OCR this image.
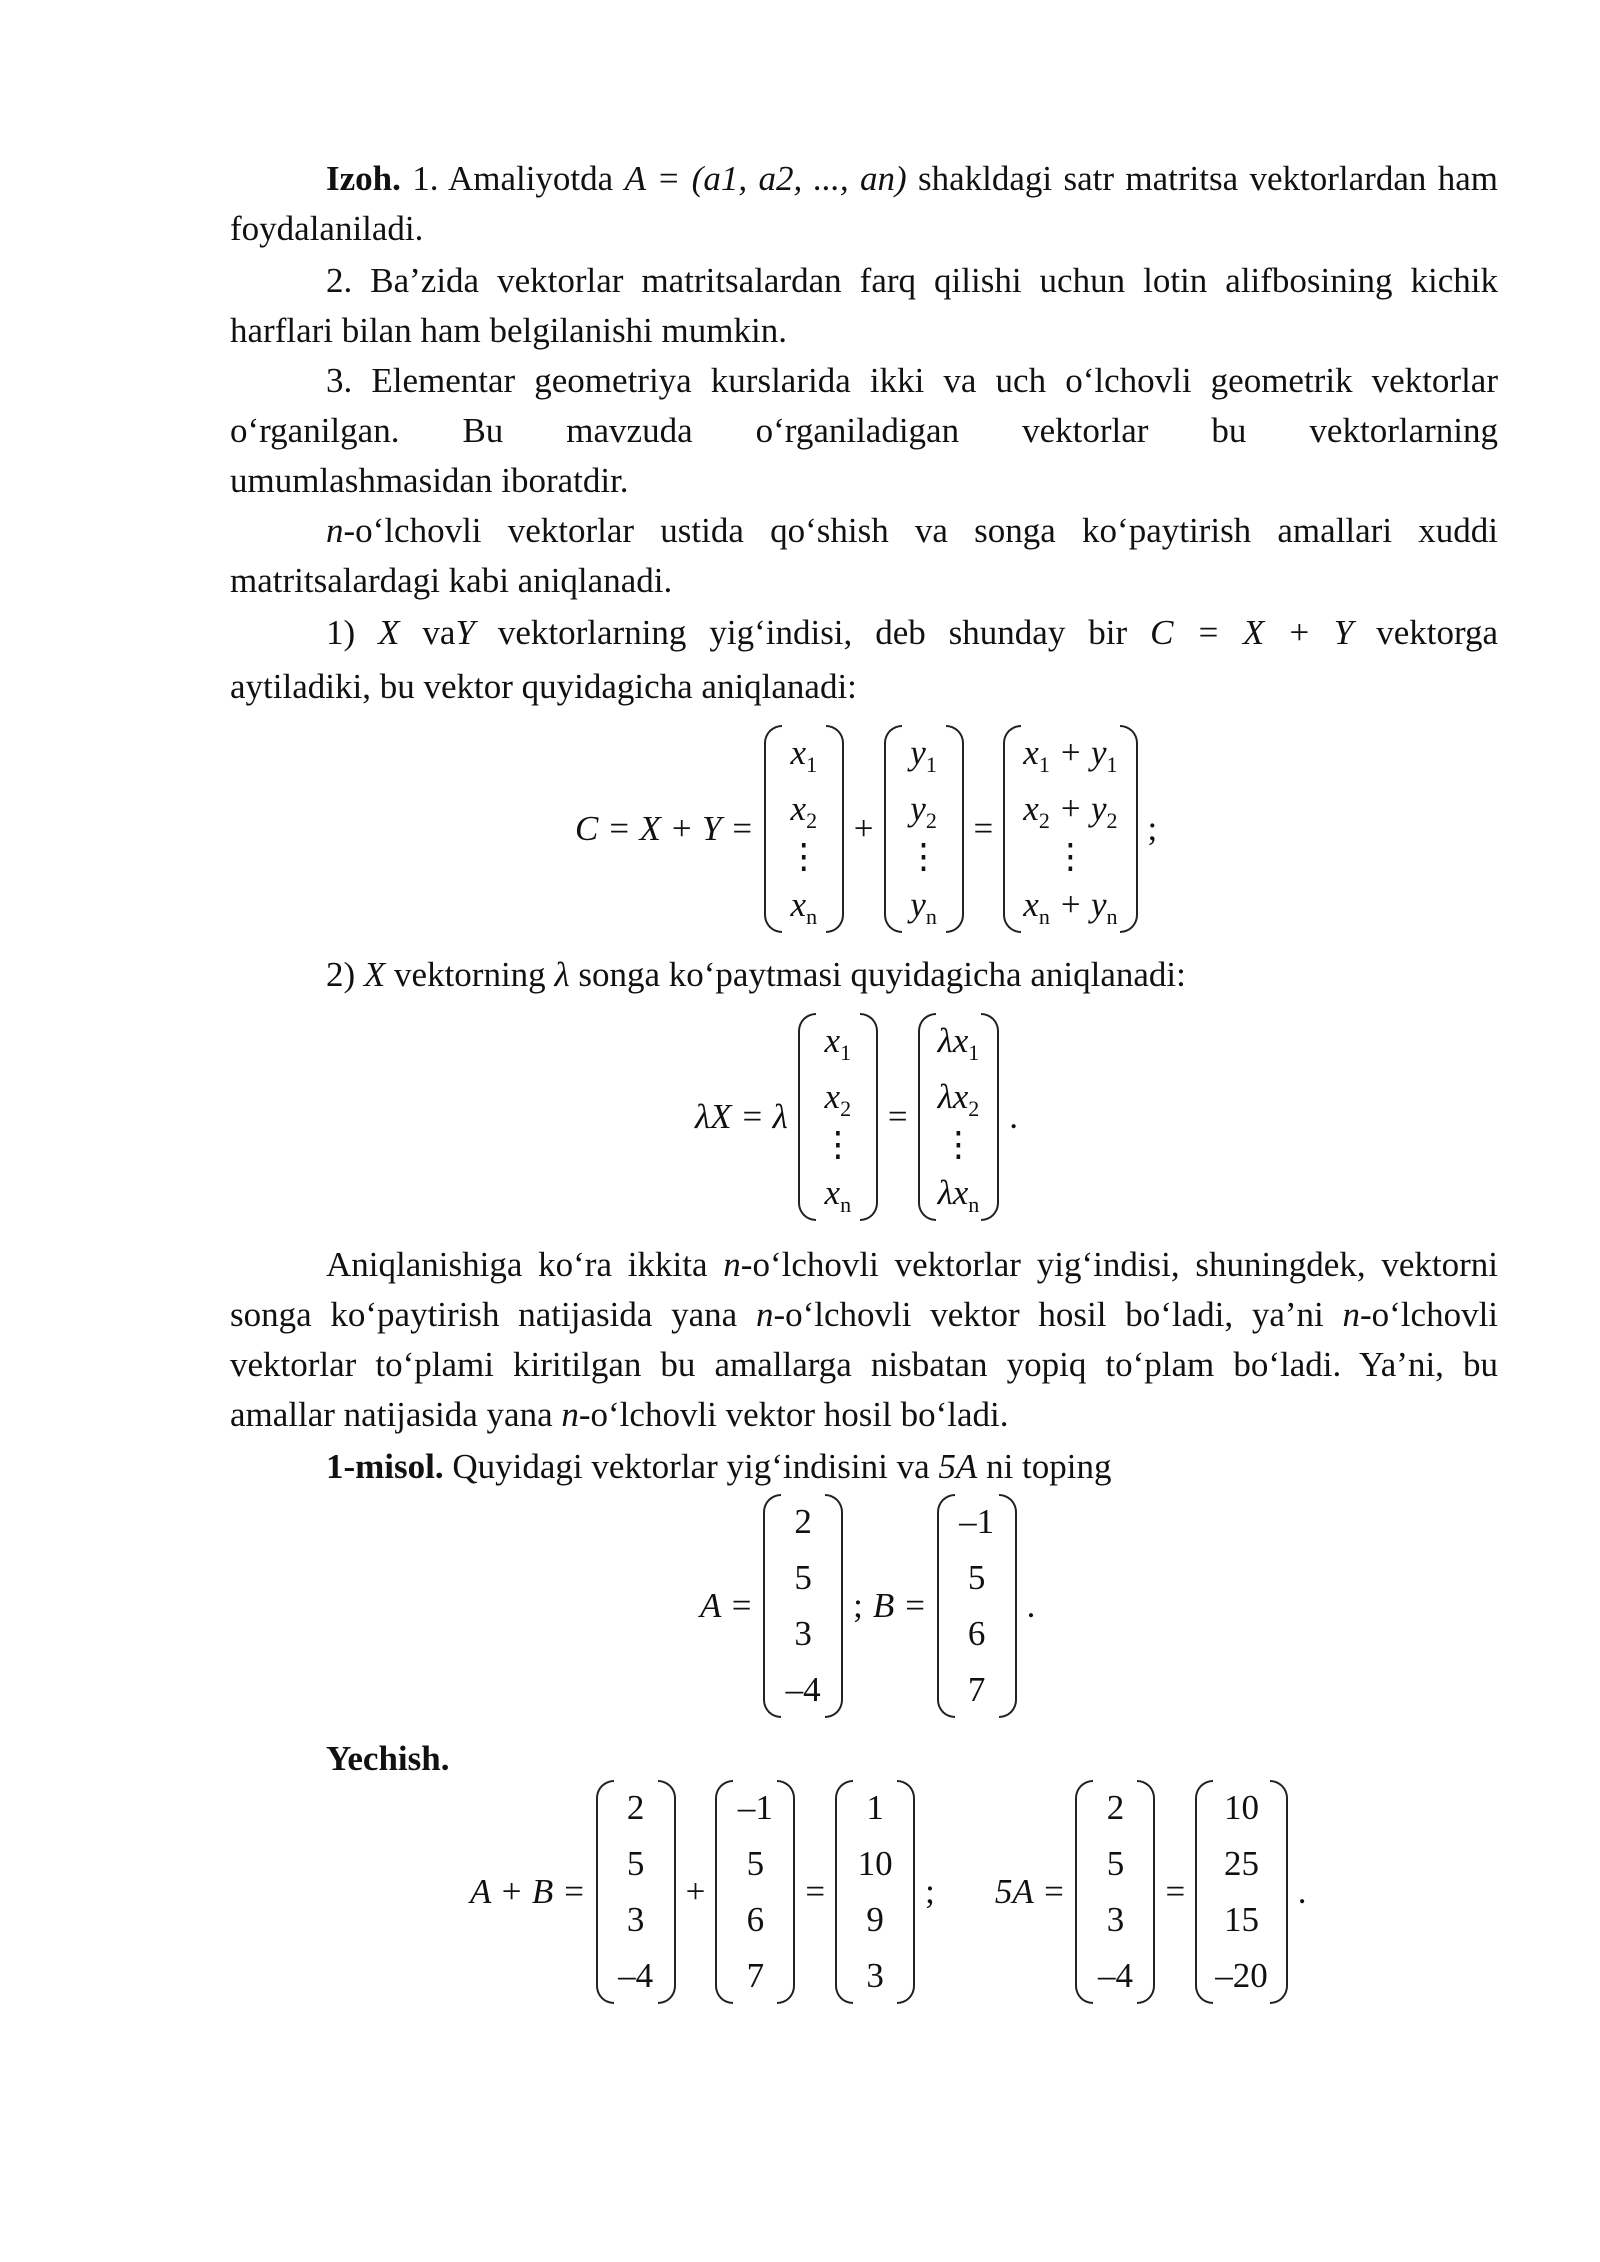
Izoh. 1. Amaliyotda A = (a1, a2, ..., an) shakldagi satr matritsa vektorlardan ham foydalaniladi.
2. Ba’zida vektorlar matritsalardan farq qilishi uchun lotin alifbosining kichik harflari bilan ham belgilanishi mumkin.
3. Elementar geometriya kurslarida ikki va uch o‘lchovli geometrik vektorlar
o‘rganilgan. Bu mavzuda o‘rganiladigan vektorlar bu vektorlarning
umumlashmasidan iboratdir.
n-o‘lchovli vektorlar ustida qo‘shish va songa ko‘paytirish amallari xuddi matritsalardagi kabi aniqlanadi.
1) X vaY vektorlarning yig‘indisi, deb shunday bir C = X + Y vektorga
aytiladiki, bu vektor quyidagicha aniqlanadi:
C = X + Y =
$x_1$
$x_2$
⋮
$x_n$
+
$y_1$
$y_2$
⋮
$y_n$
=
$x_1 + y_1$
$x_2 + y_2$
⋮
$x_n + y_n$
;
2) X vektorning λ songa ko‘paytmasi quyidagicha aniqlanadi:
λX = λ
$x_1$
$x_2$
⋮
$x_n$
=
$\lambda x_1$
$\lambda x_2$
⋮
$\lambda x_n$
.
Aniqlanishiga ko‘ra ikkita n-o‘lchovli vektorlar yig‘indisi, shuningdek, vektorni songa ko‘paytirish natijasida yana n-o‘lchovli vektor hosil bo‘ladi, ya’ni n-o‘lchovli vektorlar to‘plami kiritilgan bu amallarga nisbatan yopiq to‘plam bo‘ladi. Ya’ni, bu amallar natijasida yana n-o‘lchovli vektor hosil bo‘ladi.
1-misol. Quyidagi vektorlar yig‘indisini va 5A ni toping
A =
2
5
3
–4
; B =
–1
5
6
7
.
Yechish.
A + B =
2
5
3
–4
+
–1
5
6
7
=
1
10
9
3
; 5A =
2
5
3
–4
=
10
25
15
–20
.
